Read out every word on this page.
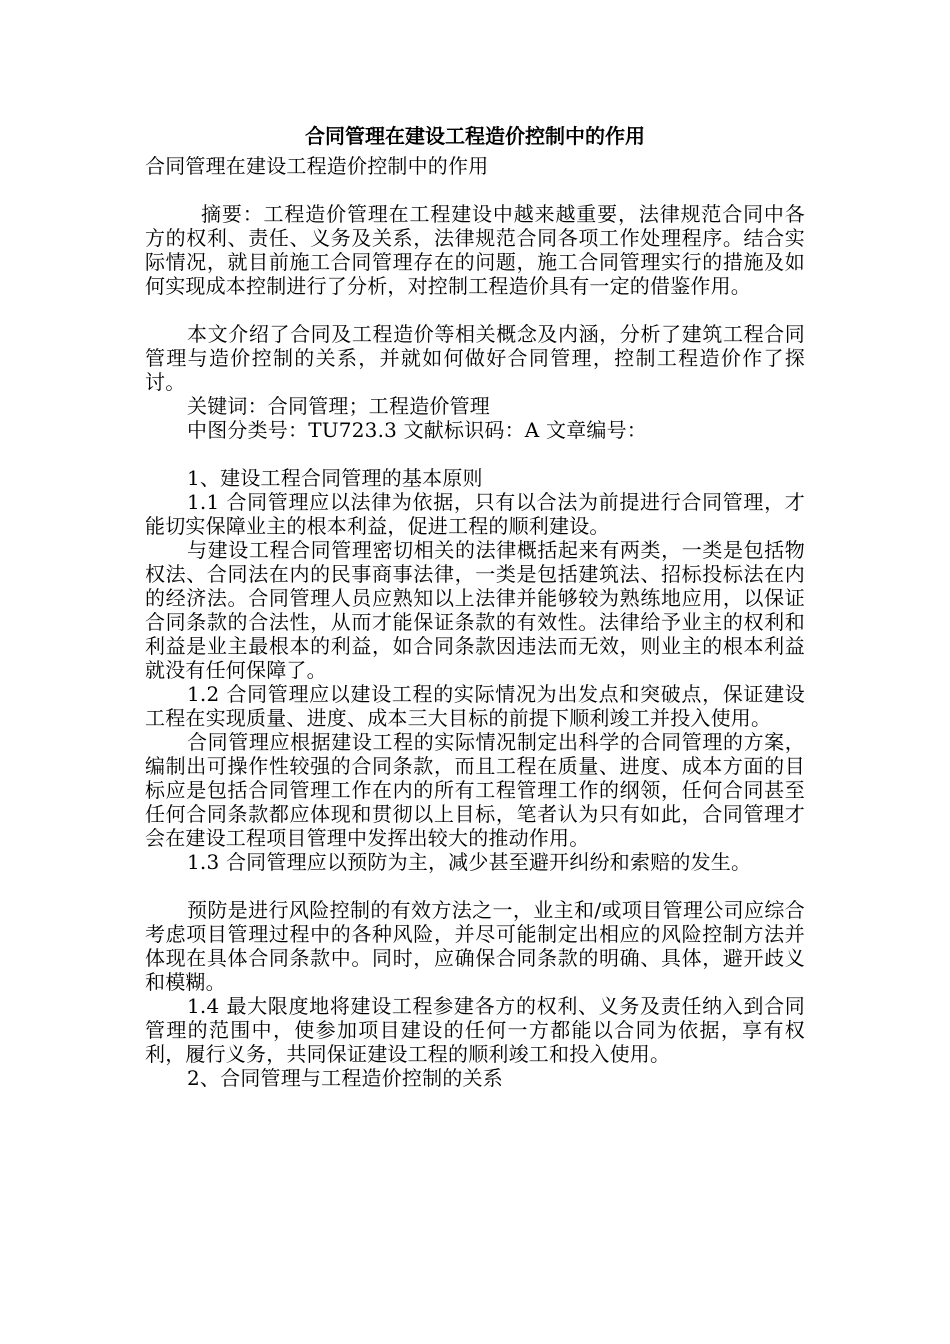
合同管理在建设工程造价控制中的作用

合同管理在建设工程造价控制中的作用

摘要：工程造价管理在工程建设中越来越重要，法律规范合同中各方的权利、责任、义务及关系，法律规范合同各项工作处理程序。结合实际情况，就目前施工合同管理存在的问题，施工合同管理实行的措施及如何实现成本控制进行了分析，对控制工程造价具有一定的借鉴作用。

本文介绍了合同及工程造价等相关概念及内涵，分析了建筑工程合同管理与造价控制的关系，并就如何做好合同管理，控制工程造价作了探讨。

关键词：合同管理；工程造价管理

中图分类号：TU723.3 文献标识码：A 文章编号：

1、建设工程合同管理的基本原则

1.1 合同管理应以法律为依据，只有以合法为前提进行合同管理，才能切实保障业主的根本利益，促进工程的顺利建设。

与建设工程合同管理密切相关的法律概括起来有两类，一类是包括物权法、合同法在内的民事商事法律，一类是包括建筑法、招标投标法在内的经济法。合同管理人员应熟知以上法律并能够较为熟练地应用，以保证合同条款的合法性，从而才能保证条款的有效性。法律给予业主的权利和利益是业主最根本的利益，如合同条款因违法而无效，则业主的根本利益就没有任何保障了。

1.2 合同管理应以建设工程的实际情况为出发点和突破点，保证建设工程在实现质量、进度、成本三大目标的前提下顺利竣工并投入使用。

合同管理应根据建设工程的实际情况制定出科学的合同管理的方案，编制出可操作性较强的合同条款，而且工程在质量、进度、成本方面的目标应是包括合同管理工作在内的所有工程管理工作的纲领，任何合同甚至任何合同条款都应体现和贯彻以上目标，笔者认为只有如此，合同管理才会在建设工程项目管理中发挥出较大的推动作用。

1.3 合同管理应以预防为主，减少甚至避开纠纷和索赔的发生。

预防是进行风险控制的有效方法之一，业主和/或项目管理公司应综合考虑项目管理过程中的各种风险，并尽可能制定出相应的风险控制方法并体现在具体合同条款中。同时，应确保合同条款的明确、具体，避开歧义和模糊。

1.4 最大限度地将建设工程参建各方的权利、义务及责任纳入到合同管理的范围中，使参加项目建设的任何一方都能以合同为依据，享有权利，履行义务，共同保证建设工程的顺利竣工和投入使用。

2、合同管理与工程造价控制的关系
